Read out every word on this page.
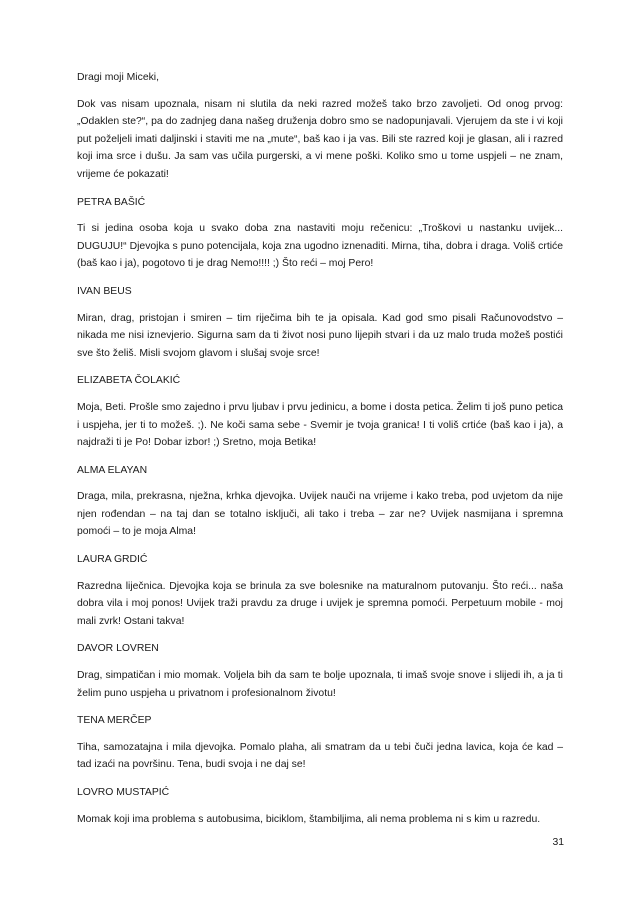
Dragi moji Miceki,

Dok vas nisam upoznala, nisam ni slutila da neki razred možeš tako brzo zavoljeti. Od onog prvog: „Odaklen ste?“, pa do zadnjeg dana našeg druženja dobro smo se nadopunjavali. Vjerujem da ste i vi koji put poželjeli imati daljinski i staviti me na „mute“, baš kao i ja vas. Bili ste razred koji je glasan, ali i razred koji ima srce i dušu. Ja sam vas učila purgerski, a vi mene poški. Koliko smo u tome uspjeli – ne znam, vrijeme će pokazati!

PETRA BAŠIĆ

Ti si jedina osoba koja u svako doba zna nastaviti moju rečenicu: „Troškovi u nastanku uvijek... DUGUJU!“ Djevojka s puno potencijala, koja zna ugodno iznenaditi. Mirna, tiha, dobra i draga. Voliš crtiće (baš kao i ja), pogotovo ti je drag Nemo!!!! ;) Što reći – moj Pero!

IVAN BEUS

Miran, drag, pristojan i smiren – tim riječima bih te ja opisala. Kad god smo pisali Računovodstvo – nikada me nisi iznevjerio. Sigurna sam da ti život nosi puno lijepih stvari i da uz malo truda možeš postići sve što želiš. Misli svojom glavom i slušaj svoje srce!

ELIZABETA ČOLAKIĆ

Moja, Beti. Prošle smo zajedno i prvu ljubav i prvu jedinicu, a bome i dosta petica. Želim ti još puno petica i uspjeha, jer ti to možeš. ;). Ne koči sama sebe - Svemir je tvoja granica! I ti voliš crtiće (baš kao i ja), a najdraži ti je Po! Dobar izbor! ;) Sretno, moja Betika!

ALMA ELAYAN

Draga, mila, prekrasna, nježna, krhka djevojka. Uvijek nauči na vrijeme i kako treba, pod uvjetom da nije njen rođendan – na taj dan se totalno isključi, ali tako i treba – zar ne? Uvijek nasmijana i spremna pomoći – to je moja Alma!

LAURA GRDIĆ

Razredna liječnica. Djevojka koja se brinula za sve bolesnike na maturalnom putovanju. Što reći... naša dobra vila i moj ponos! Uvijek traži pravdu za druge i uvijek je spremna pomoći. Perpetuum mobile - moj mali zvrk! Ostani takva!

DAVOR LOVREN

Drag, simpatičan i mio momak. Voljela bih da sam te bolje upoznala, ti imaš svoje snove i slijedi ih, a ja ti želim puno uspjeha u privatnom i profesionalnom životu!

TENA MERČEP

Tiha, samozatajna i mila djevojka. Pomalo plaha, ali smatram da u tebi čuči jedna lavica, koja će kad – tad izaći na površinu. Tena, budi svoja i ne daj se!

LOVRO MUSTAPIĆ

Momak koji ima problema s autobusima, biciklom, štambiljima, ali nema problema ni s kim u razredu.

31
